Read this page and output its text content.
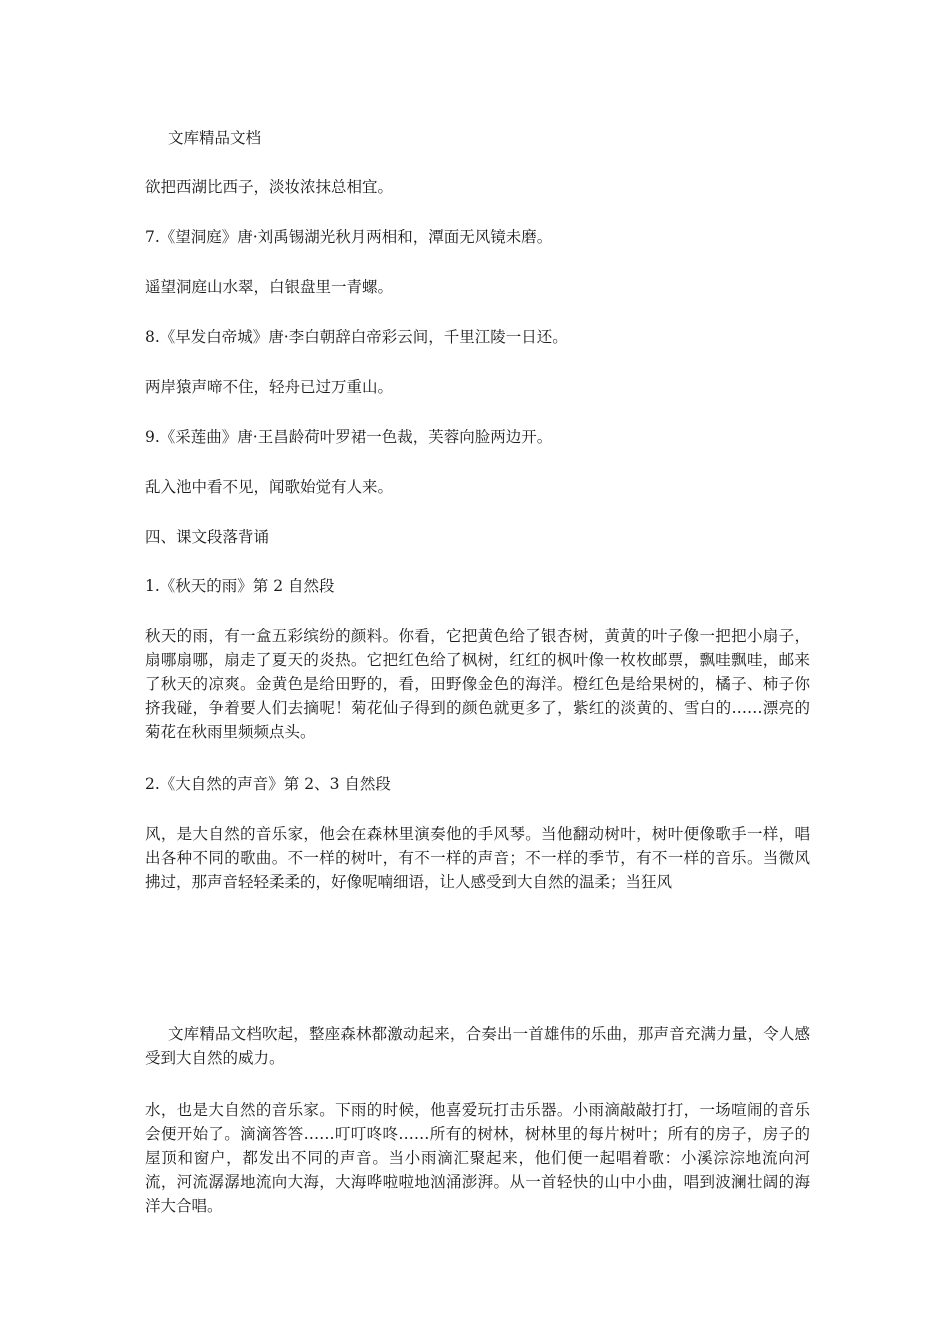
文库精品文档
欲把西湖比西子，淡妆浓抹总相宜。
7.《望洞庭》唐·刘禹锡湖光秋月两相和，潭面无风镜未磨。
遥望洞庭山水翠，白银盘里一青螺。
8.《早发白帝城》唐·李白朝辞白帝彩云间，千里江陵一日还。
两岸猿声啼不住，轻舟已过万重山。
9.《采莲曲》唐·王昌龄荷叶罗裙一色裁，芙蓉向脸两边开。
乱入池中看不见，闻歌始觉有人来。
四、课文段落背诵
1.《秋天的雨》第 2 自然段
秋天的雨，有一盒五彩缤纷的颜料。你看，它把黄色给了银杏树，黄黄的叶子像一把把小扇子，扇哪扇哪，扇走了夏天的炎热。它把红色给了枫树，红红的枫叶像一枚枚邮票，飘哇飘哇，邮来了秋天的凉爽。金黄色是给田野的，看，田野像金色的海洋。橙红色是给果树的，橘子、柿子你挤我碰，争着要人们去摘呢！菊花仙子得到的颜色就更多了，紫红的淡黄的、雪白的……漂亮的菊花在秋雨里频频点头。
2.《大自然的声音》第 2、3 自然段
风，是大自然的音乐家，他会在森林里演奏他的手风琴。当他翻动树叶，树叶便像歌手一样，唱出各种不同的歌曲。不一样的树叶，有不一样的声音；不一样的季节，有不一样的音乐。当微风拂过，那声音轻轻柔柔的，好像呢喃细语，让人感受到大自然的温柔；当狂风
文库精品文档吹起，整座森林都激动起来，合奏出一首雄伟的乐曲，那声音充满力量，令人感受到大自然的威力。
水，也是大自然的音乐家。下雨的时候，他喜爱玩打击乐器。小雨滴敲敲打打，一场喧闹的音乐会便开始了。滴滴答答……叮叮咚咚……所有的树林，树林里的每片树叶；所有的房子，房子的屋顶和窗户，都发出不同的声音。当小雨滴汇聚起来，他们便一起唱着歌：小溪淙淙地流向河流，河流潺潺地流向大海，大海哗啦啦地汹涌澎湃。从一首轻快的山中小曲，唱到波澜壮阔的海洋大合唱。
